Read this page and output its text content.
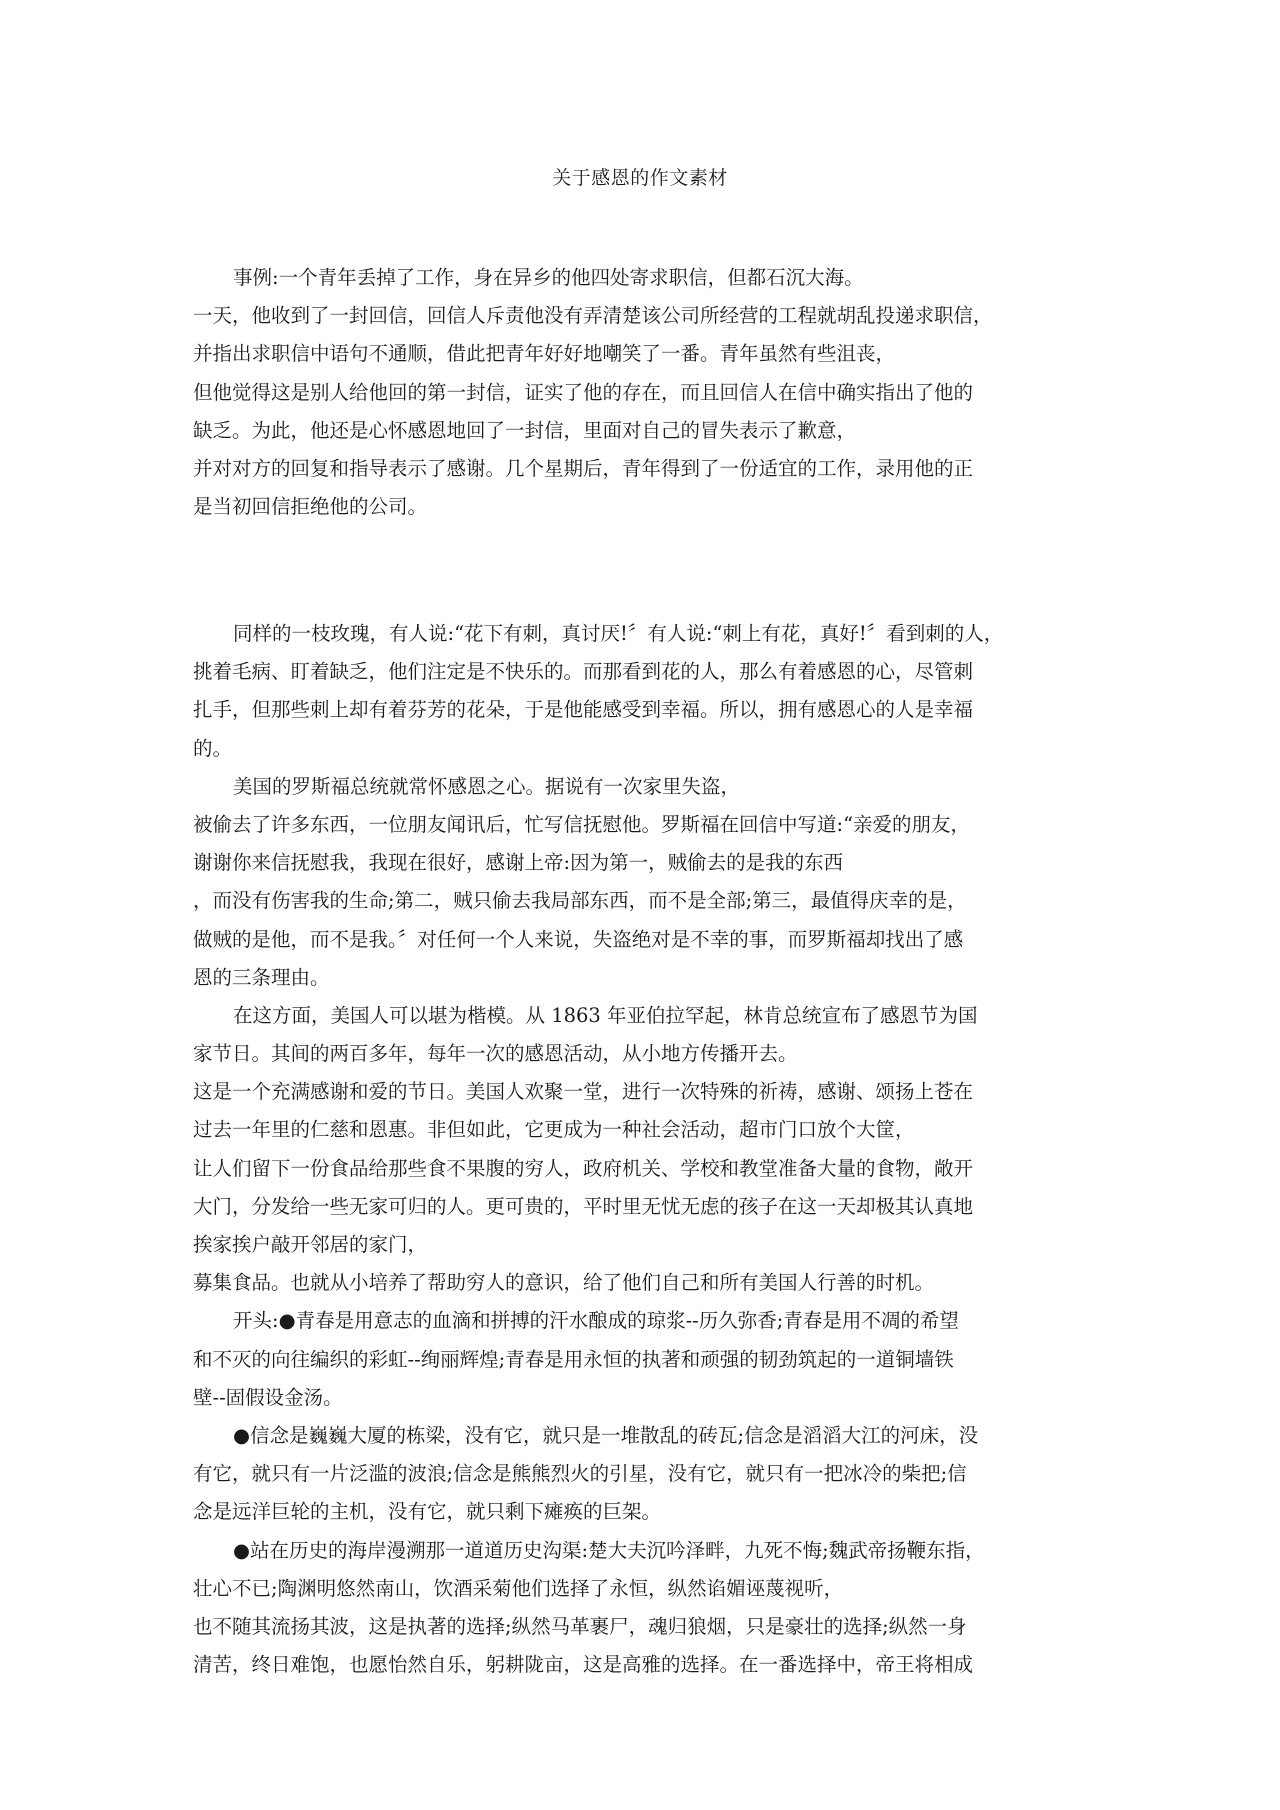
关于感恩的作文素材
事例:一个青年丢掉了工作，身在异乡的他四处寄求职信，但都石沉大海。
一天，他收到了一封回信，回信人斥责他没有弄清楚该公司所经营的工程就胡乱投递求职信，
并指出求职信中语句不通顺，借此把青年好好地嘲笑了一番。青年虽然有些沮丧，
但他觉得这是别人给他回的第一封信，证实了他的存在，而且回信人在信中确实指出了他的
缺乏。为此，他还是心怀感恩地回了一封信，里面对自己的冒失表示了歉意，
并对对方的回复和指导表示了感谢。几个星期后，青年得到了一份适宜的工作，录用他的正
是当初回信拒绝他的公司。
同样的一枝玫瑰，有人说:“花下有刺，真讨厌!〞有人说:“刺上有花，真好!〞看到刺的人，
挑着毛病、盯着缺乏，他们注定是不快乐的。而那看到花的人，那么有着感恩的心，尽管刺
扎手，但那些刺上却有着芬芳的花朵，于是他能感受到幸福。所以，拥有感恩心的人是幸福
的。
美国的罗斯福总统就常怀感恩之心。据说有一次家里失盗，
被偷去了许多东西，一位朋友闻讯后，忙写信抚慰他。罗斯福在回信中写道:“亲爱的朋友，
谢谢你来信抚慰我，我现在很好，感谢上帝:因为第一，贼偷去的是我的东西
，而没有伤害我的生命;第二，贼只偷去我局部东西，而不是全部;第三，最值得庆幸的是，
做贼的是他，而不是我。〞对任何一个人来说，失盗绝对是不幸的事，而罗斯福却找出了感
恩的三条理由。
在这方面，美国人可以堪为楷模。从 1863 年亚伯拉罕起，林肯总统宣布了感恩节为国
家节日。其间的两百多年，每年一次的感恩活动，从小地方传播开去。
这是一个充满感谢和爱的节日。美国人欢聚一堂，进行一次特殊的祈祷，感谢、颂扬上苍在
过去一年里的仁慈和恩惠。非但如此，它更成为一种社会活动，超市门口放个大筐，
让人们留下一份食品给那些食不果腹的穷人，政府机关、学校和教堂准备大量的食物，敞开
大门，分发给一些无家可归的人。更可贵的，平时里无忧无虑的孩子在这一天却极其认真地
挨家挨户敲开邻居的家门，
募集食品。也就从小培养了帮助穷人的意识，给了他们自己和所有美国人行善的时机。
开头:●青春是用意志的血滴和拼搏的汗水酿成的琼浆--历久弥香;青春是用不凋的希望
和不灭的向往编织的彩虹--绚丽辉煌;青春是用永恒的执著和顽强的韧劲筑起的一道铜墙铁
壁--固假设金汤。
●信念是巍巍大厦的栋梁，没有它，就只是一堆散乱的砖瓦;信念是滔滔大江的河床，没
有它，就只有一片泛滥的波浪;信念是熊熊烈火的引星，没有它，就只有一把冰冷的柴把;信
念是远洋巨轮的主机，没有它，就只剩下瘫痪的巨架。
●站在历史的海岸漫溯那一道道历史沟渠:楚大夫沉吟泽畔，九死不悔;魏武帝扬鞭东指，
壮心不已;陶渊明悠然南山，饮酒采菊他们选择了永恒，纵然谄媚诬蔑视听，
也不随其流扬其波，这是执著的选择;纵然马革裹尸，魂归狼烟，只是豪壮的选择;纵然一身
清苦，终日难饱，也愿怡然自乐，躬耕陇亩，这是高雅的选择。在一番选择中，帝王将相成
